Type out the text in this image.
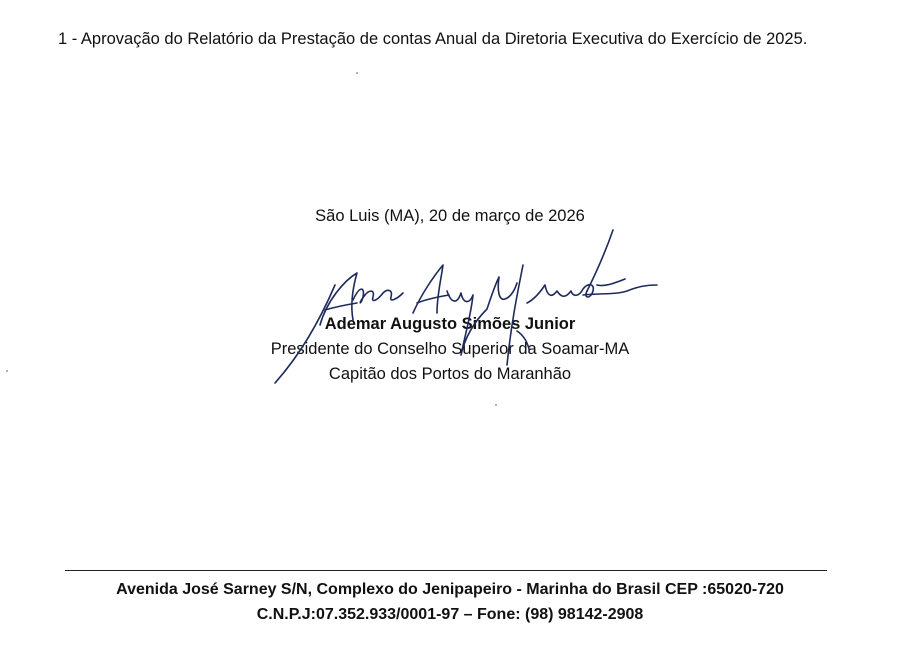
1 - Aprovação do Relatório da Prestação de contas Anual da Diretoria Executiva do Exercício de 2025.

São Luis (MA), 20 de março de 2026

Ademar Augusto Simões Junior
Presidente do Conselho Superior da Soamar-MA
Capitão dos Portos do Maranhão
Avenida José Sarney S/N, Complexo do Jenipapeiro - Marinha do Brasil CEP :65020-720
C.N.P.J:07.352.933/0001-97 – Fone: (98) 98142-2908
